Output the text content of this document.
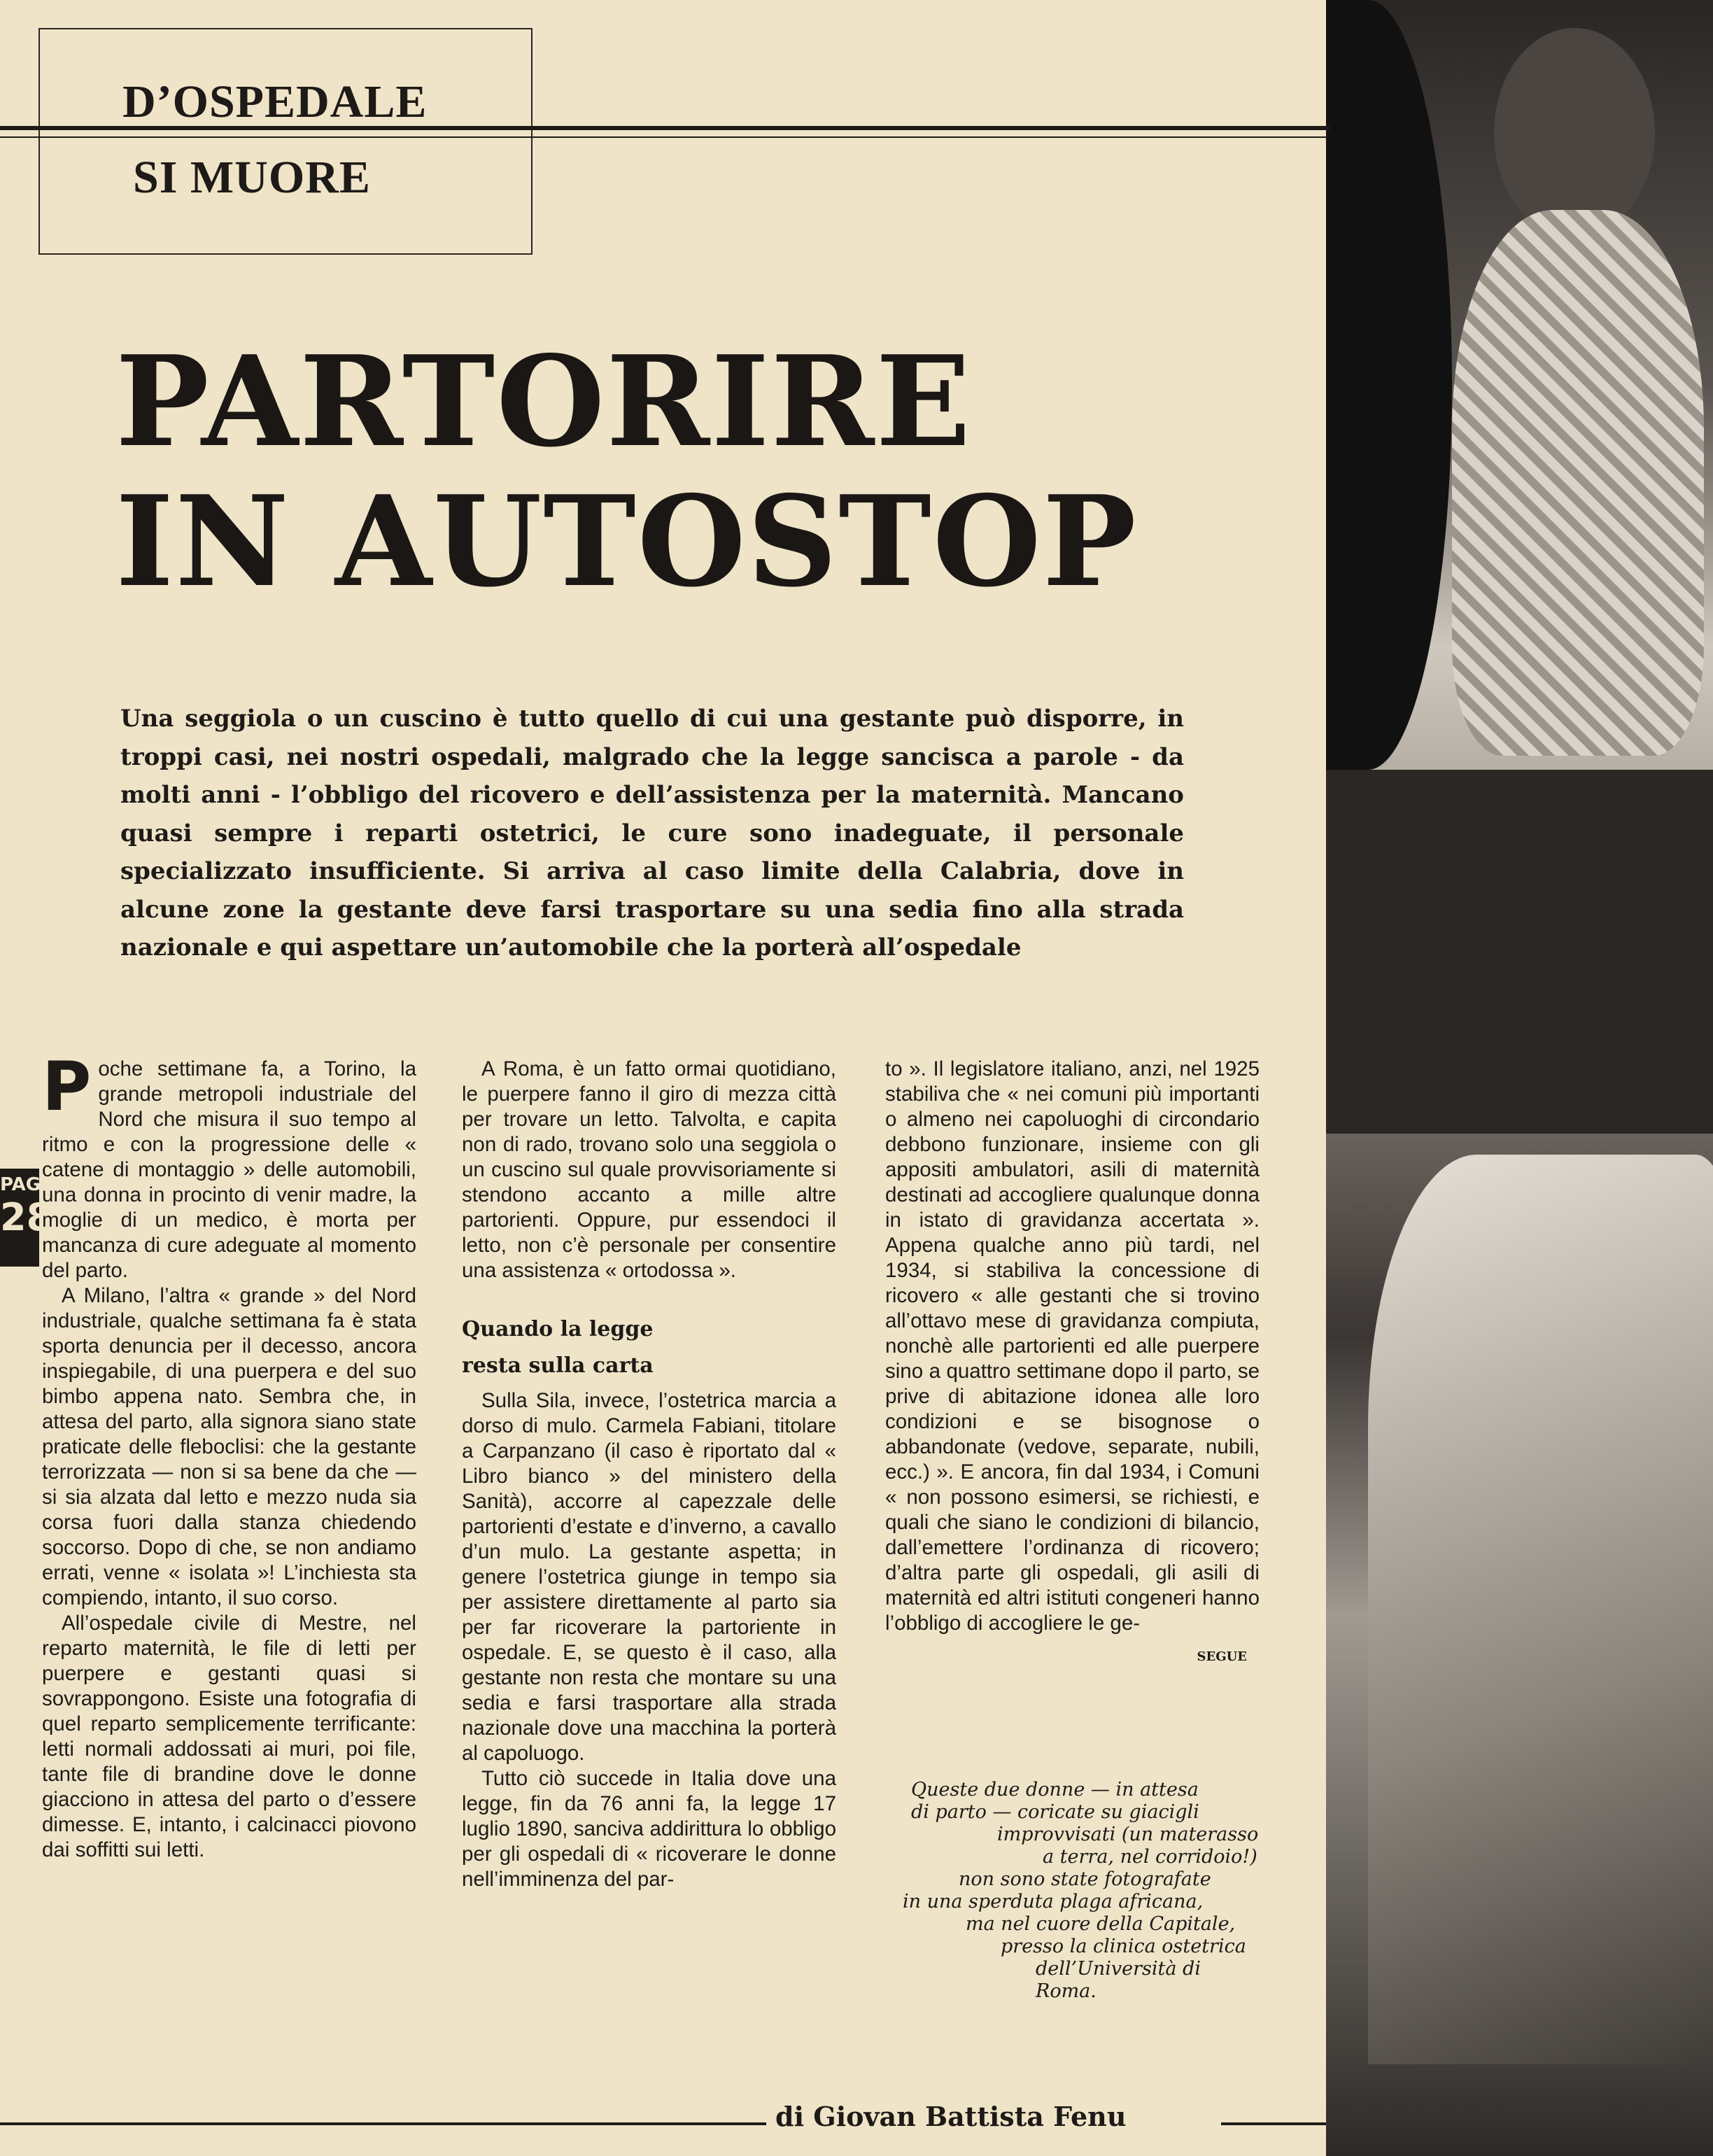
D’OSPEDALE
SI MUORE
PARTORIRE
IN AUTOSTOP
Una seggiola o un cuscino è tutto quello di cui una gestante può disporre, in troppi casi, nei nostri ospedali, malgrado che la legge sancisca a parole - da molti anni - l’obbligo del ricovero e dell’assistenza per la maternità. Mancano quasi sempre i reparti ostetrici, le cure sono inadeguate, il personale specializzato insufficiente. Si arriva al caso limite della Calabria, dove in alcune zone la gestante deve farsi trasportare su una sedia fino alla strada nazionale e qui aspettare un’automobile che la porterà all’ospedale
PAG.
28

Poche settimane fa, a Torino, la grande metropoli industriale del Nord che misura il suo tempo al ritmo e con la progressione delle « catene di montaggio » delle automobili, una donna in procinto di venir madre, la moglie di un medico, è morta per mancanza di cure adeguate al momento del parto.

A Milano, l’altra « grande » del Nord industriale, qualche settimana fa è stata sporta denuncia per il decesso, ancora inspiegabile, di una puerpera e del suo bimbo appena nato. Sembra che, in attesa del parto, alla signora siano state praticate delle fleboclisi: che la gestante terrorizzata — non si sa bene da che — si sia alzata dal letto e mezzo nuda sia corsa fuori dalla stanza chiedendo soccorso. Dopo di che, se non andiamo errati, venne « isolata »! L’inchiesta sta compiendo, intanto, il suo corso.

All’ospedale civile di Mestre, nel reparto maternità, le file di letti per puerpere e gestanti quasi si sovrappongono. Esiste una fotografia di quel reparto semplicemente terrificante: letti normali addossati ai muri, poi file, tante file di brandine dove le donne giacciono in attesa del parto o d’essere dimesse. E, intanto, i calcinacci piovono dai soffitti sui letti.

A Roma, è un fatto ormai quotidiano, le puerpere fanno il giro di mezza città per trovare un letto. Talvolta, e capita non di rado, trovano solo una seggiola o un cuscino sul quale provvisoriamente si stendono accanto a mille altre partorienti. Oppure, pur essendoci il letto, non c’è personale per consentire una assistenza « ortodossa ».

Quando la legge
resta sulla carta

Sulla Sila, invece, l’ostetrica marcia a dorso di mulo. Carmela Fabiani, titolare a Carpanzano (il caso è riportato dal « Libro bianco » del ministero della Sanità), accorre al capezzale delle partorienti d’estate e d’inverno, a cavallo d’un mulo. La gestante aspetta; in genere l’ostetrica giunge in tempo sia per assistere direttamente al parto sia per far ricoverare la partoriente in ospedale. E, se questo è il caso, alla gestante non resta che montare su una sedia e farsi trasportare alla strada nazionale dove una macchina la porterà al capoluogo.

Tutto ciò succede in Italia dove una legge, fin da 76 anni fa, la legge 17 luglio 1890, sanciva addirittura lo obbligo per gli ospedali di « ricoverare le donne nell’imminenza del par-

to ». Il legislatore italiano, anzi, nel 1925 stabiliva che « nei comuni più importanti o almeno nei capoluoghi di circondario debbono funzionare, insieme con gli appositi ambulatori, asili di maternità destinati ad accogliere qualunque donna in istato di gravidanza accertata ». Appena qualche anno più tardi, nel 1934, si stabiliva la concessione di ricovero « alle gestanti che si trovino all’ottavo mese di gravidanza compiuta, nonchè alle partorienti ed alle puerpere sino a quattro settimane dopo il parto, se prive di abitazione idonea alle loro condizioni e se bisognose o abbandonate (vedove, separate, nubili, ecc.) ». E ancora, fin dal 1934, i Comuni « non possono esimersi, se richiesti, e quali che siano le condizioni di bilancio, dall’emettere l’ordinanza di ricovero; d’altra parte gli ospedali, gli asili di maternità ed altri istituti congeneri hanno l’obbligo di accogliere le ge-

SEGUE
Queste due donne — in attesa
di parto — coricate su giacigli
improvvisati (un materasso
a terra, nel corridoio!)
non sono state fotografate
in una sperduta plaga africana,
ma nel cuore della Capitale,
presso la clinica ostetrica
dell’Università di Roma.
di Giovan Battista Fenu
